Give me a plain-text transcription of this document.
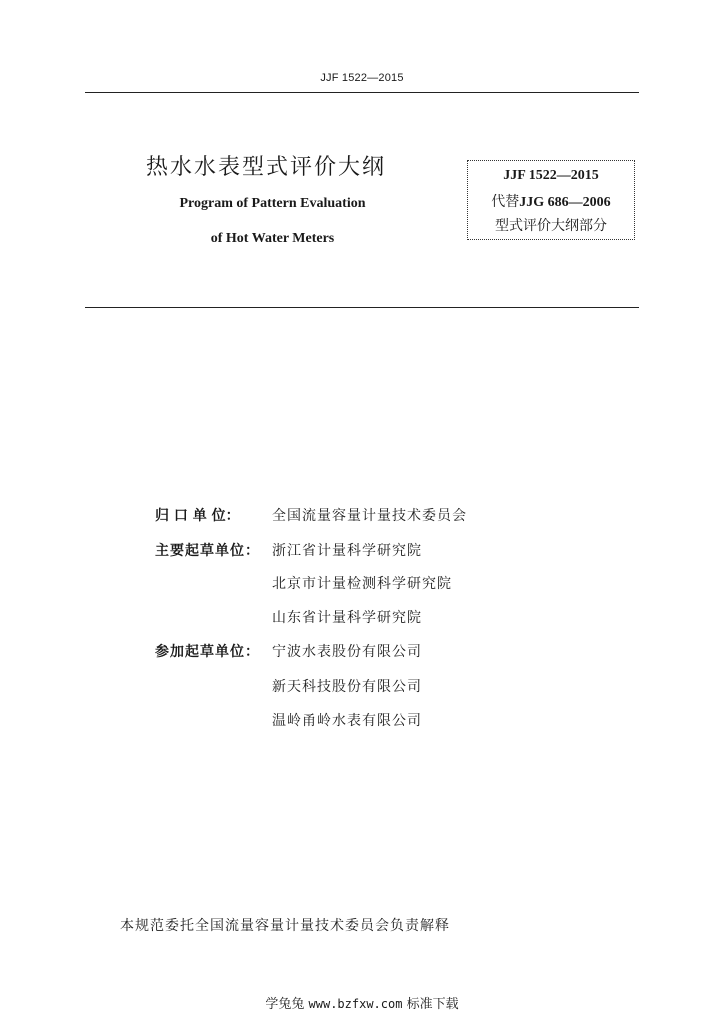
JJF 1522—2015
热水水表型式评价大纲
Program of Pattern Evaluation
of Hot Water Meters
JJF 1522—2015
代替JJG 686—2006
型式评价大纲部分
归 口 单 位：	全国流量容量计量技术委员会
主要起草单位： 浙江省计量科学研究院
北京市计量检测科学研究院
山东省计量科学研究院
参加起草单位： 宁波水表股份有限公司
新天科技股份有限公司
温岭甬岭水表有限公司
本规范委托全国流量容量计量技术委员会负责解释
学兔兔 www.bzfxw.com 标准下载
